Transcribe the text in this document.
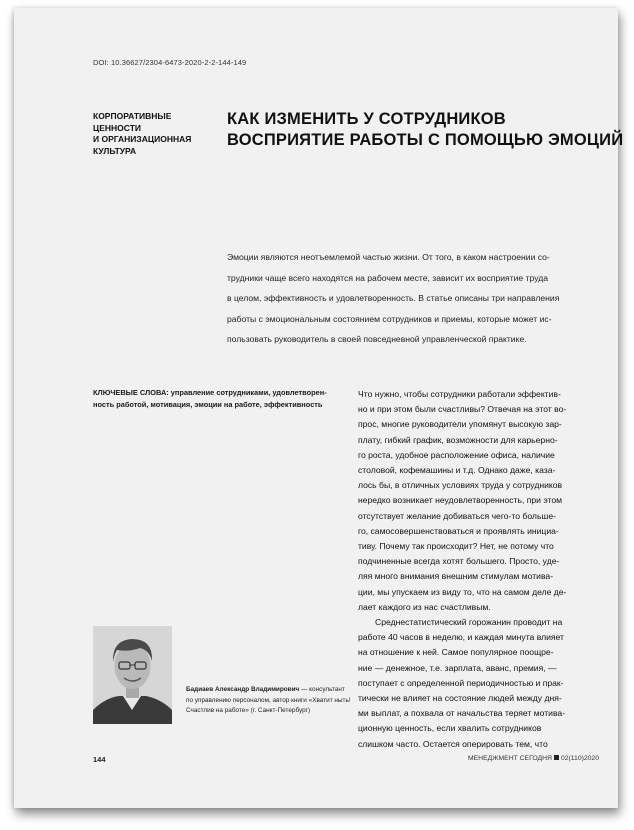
DOI: 10.36627/2304-6473-2020-2-2-144-149
КОРПОРАТИВНЫЕ
ЦЕННОСТИ
И ОРГАНИЗАЦИОННАЯ
КУЛЬТУРА
КАК ИЗМЕНИТЬ У СОТРУДНИКОВ
ВОСПРИЯТИЕ РАБОТЫ С ПОМОЩЬЮ ЭМОЦИЙ
Эмоции являются неотъемлемой частью жизни. От того, в каком настроении со-
трудники чаще всего находятся на рабочем месте, зависит их восприятие труда
в целом, эффективность и удовлетворенность. В статье описаны три направления
работы с эмоциональным состоянием сотрудников и приемы, которые может ис-
пользовать руководитель в своей повседневной управленческой практике.
КЛЮЧЕВЫЕ СЛОВА: управление сотрудниками, удовлетворен-
ность работой, мотивация, эмоции на работе, эффективность
Что нужно, чтобы сотрудники работали эффектив-
но и при этом были счастливы? Отвечая на этот во-
прос, многие руководители упомянут высокую зар-
плату, гибкий график, возможности для карьерно-
го роста, удобное расположение офиса, наличие
столовой, кофемашины и т.д. Однако даже, каза-
лось бы, в отличных условиях труда у сотрудников
нередко возникает неудовлетворенность, при этом
отсутствует желание добиваться чего-то больше-
го, самосовершенствоваться и проявлять инициа-
тиву. Почему так происходит? Нет, не потому что
подчиненные всегда хотят большего. Просто, уде-
ляя много внимания внешним стимулам мотива-
ции, мы упускаем из виду то, что на самом деле де-
лает каждого из нас счастливым.
Среднестатистический горожанин проводит на
работе 40 часов в неделю, и каждая минута влияет
на отношение к ней. Самое популярное поощре-
ние — денежное, т.е. зарплата, аванс, премия, —
поступает с определенной периодичностью и прак-
тически не влияет на состояние людей между дня-
ми выплат, а похвала от начальства теряет мотива-
ционную ценность, если хвалить сотрудников
слишком часто. Остается оперировать тем, что
Бадиаев Александр Владимирович — консультант
по управлению персоналом, автор книги «Хватит ныть!
Счастлив на работе» (г. Санкт-Петербург)
144	МЕНЕДЖМЕНТ СЕГОДНЯ 02(110)2020
